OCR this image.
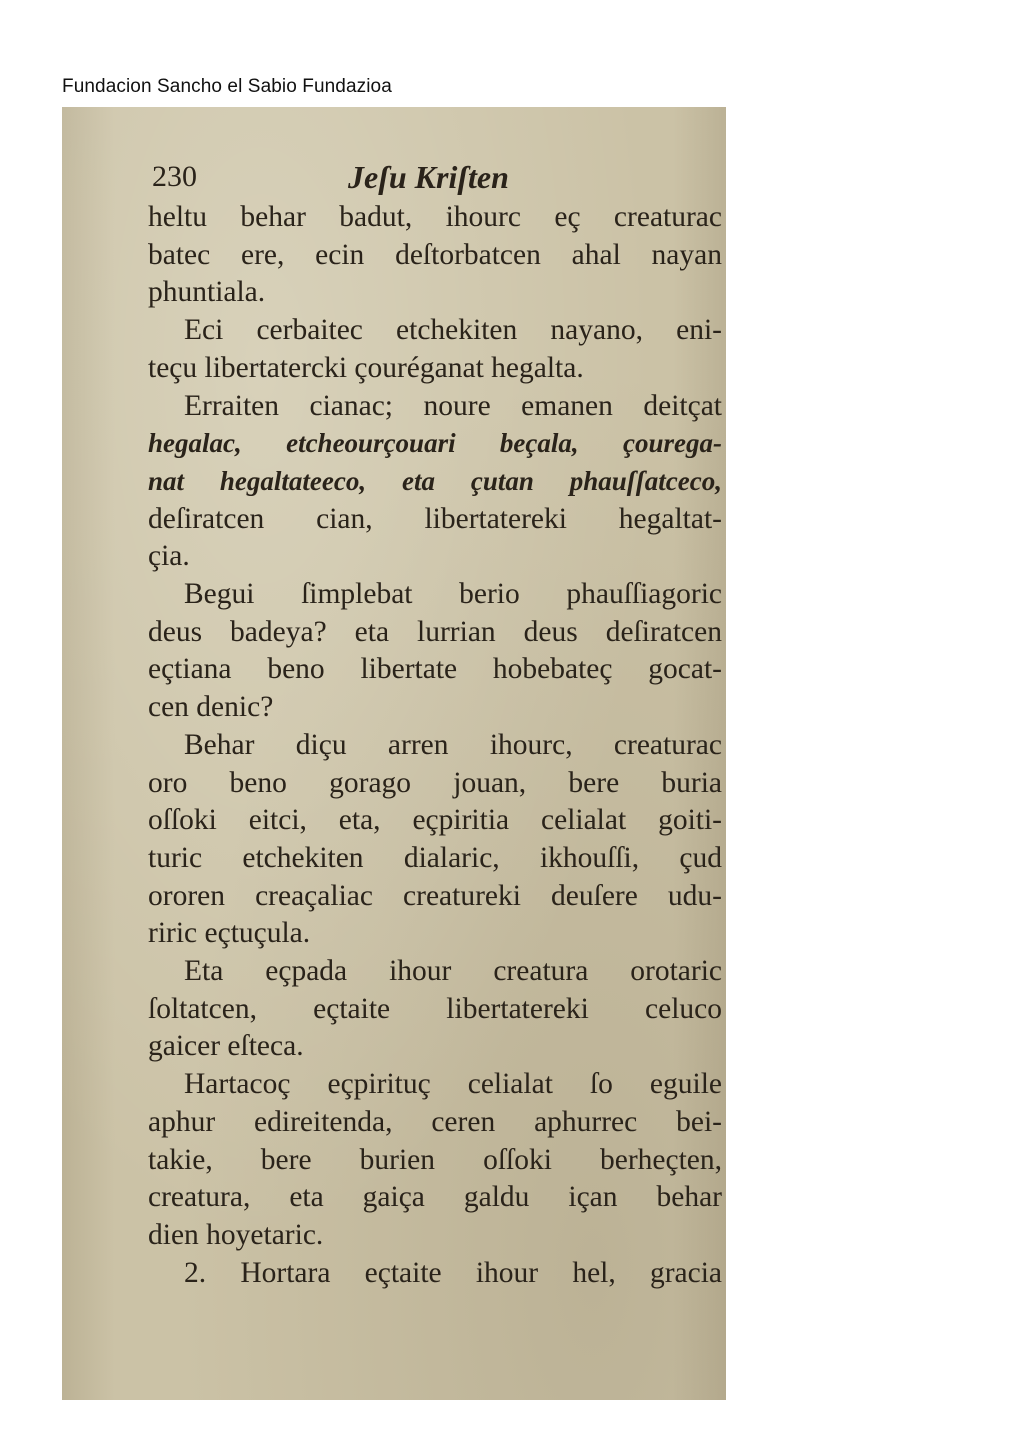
Fundacion Sancho el Sabio Fundazioa
230	Jeſu Kriſten
heltu behar badut, ihourc eç creaturac
batec ere, ecin deſtorbatcen ahal nayan
phuntiala.
Eci cerbaitec etchekiten nayano, eni-
teçu libertatercki çouréganat hegalta.
Erraiten cianac; noure emanen deitçat
hegalac, etcheourçouari beçala, çourega-
nat hegaltateeco, eta çutan phauſſatceco,
deſiratcen cian, libertatereki hegaltat-
çia.
Begui ſimplebat berio phauſſiagoric
deus badeya? eta lurrian deus deſiratcen
eçtiana beno libertate hobebateç gocat-
cen denic?
Behar diçu arren ihourc, creaturac
oro beno gorago jouan, bere buria
oſſoki eitci, eta, eçpiritia celialat goiti-
turic etchekiten dialaric, ikhouſſi, çud
ororen creaçaliac creatureki deuſere udu-
riric eçtuçula.
Eta eçpada ihour creatura orotaric
ſoltatcen, eçtaite libertatereki celuco
gaicer eſteca.
Hartacoç eçpirituç celialat ſo eguile
aphur edireitenda, ceren aphurrec bei-
takie, bere burien oſſoki berheçten,
creatura, eta gaiça galdu içan behar
dien hoyetaric.
2. Hortara eçtaite ihour hel, gracia
